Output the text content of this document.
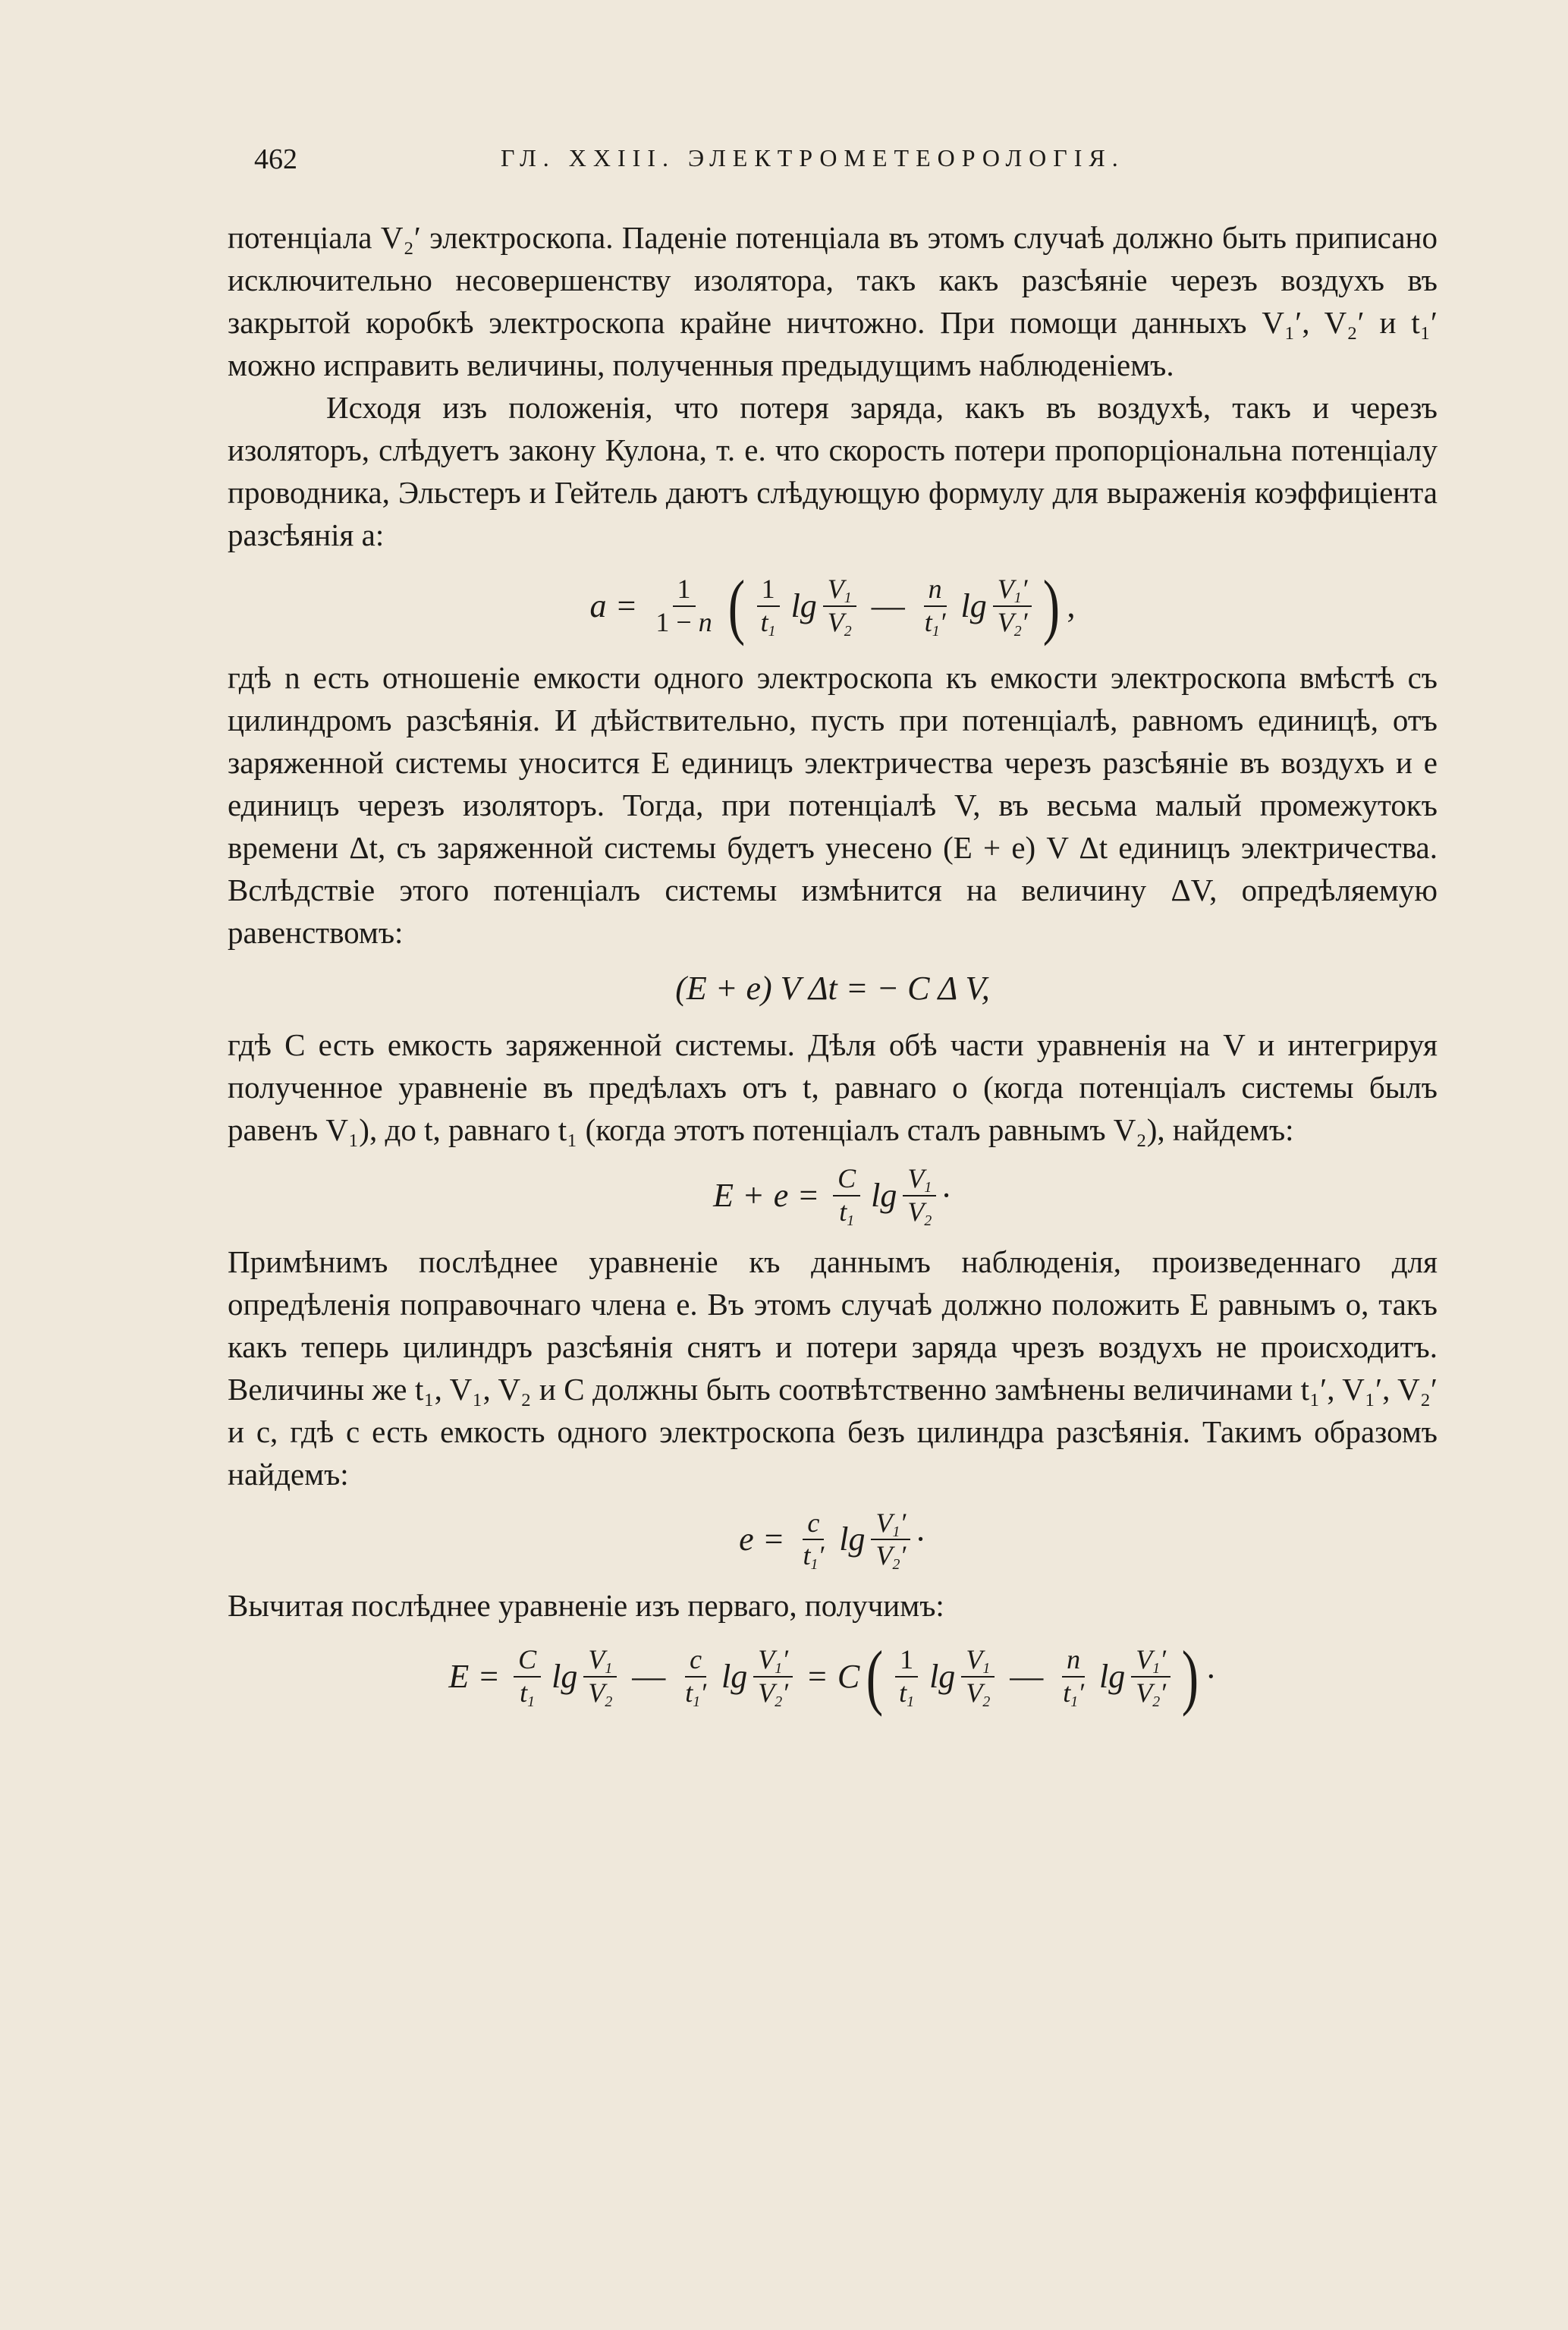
462	ГЛ. XXIII. ЭЛЕКТРОМЕТЕОРОЛОГІЯ.

потенціала V₂′ электроскопа. Паденіе потенціала въ этомъ случаѣ должно быть приписано исключительно несовершенству изолятора, такъ какъ разсѣяніе черезъ воздухъ въ закрытой коробкѣ электроскопа крайне ничтожно. При помощи данныхъ V₁′, V₂′ и t₁′ можно исправить величины, полученныя предыдущимъ наблюденіемъ.

Исходя изъ положенія, что потеря заряда, какъ въ воздухѣ, такъ и черезъ изоляторъ, слѣдуетъ закону Кулона, т. е. что скорость потери пропорціональна потенціалу проводника, Эльстеръ и Гейтель даютъ слѣдующую формулу для выраженія коэффиціента разсѣянія a:

$a = \frac{1}{1 - n}$ ( $\frac{1}{t_1}$ $\lg \frac{V_1}{V_2}$ — $\frac{n}{t_1'}$ $\lg \frac{V_1'}{V_2'}$ ) ,

гдѣ n есть отношеніе емкости одного электроскопа къ емкости электроскопа вмѣстѣ съ цилиндромъ разсѣянія. И дѣйствительно, пусть при потенціалѣ, равномъ единицѣ, отъ заряженной системы уносится E единицъ электричества черезъ разсѣяніе въ воздухъ и e единицъ черезъ изоляторъ. Тогда, при потенціалѣ V, въ весьма малый промежутокъ времени Δt, съ заряженной системы будетъ унесено (E + e) V Δt единицъ электричества. Вслѣдствіе этого потенціалъ системы измѣнится на величину ΔV, опредѣляемую равенствомъ:

(E + e) V Δt = − C Δ V,

гдѣ C есть емкость заряженной системы. Дѣля обѣ части уравненія на V и интегрируя полученное уравненіе въ предѣлахъ отъ t, равнаго o (когда потенціалъ системы былъ равенъ V₁), до t, равнаго t₁ (когда этотъ потенціалъ сталъ равнымъ V₂), найдемъ:

$E + e = \frac{C}{t_1}$ $\lg \frac{V_1}{V_2}$ ·

Примѣнимъ послѣднее уравненіе къ даннымъ наблюденія, произведеннаго для опредѣленія поправочнаго члена e. Въ этомъ случаѣ должно положить E равнымъ o, такъ какъ теперь цилиндръ разсѣянія снятъ и потери заряда чрезъ воздухъ не происходитъ. Величины же t₁, V₁, V₂ и C должны быть соотвѣтственно замѣнены величинами t₁′, V₁′, V₂′ и c, гдѣ c есть емкость одного электроскопа безъ цилиндра разсѣянія. Такимъ образомъ найдемъ:

$e = \frac{c}{t_1'}$ $\lg \frac{V_1'}{V_2'}$ ·

Вычитая послѣднее уравненіе изъ перваго, получимъ:

$E = \frac{C}{t_1}$ $\lg \frac{V_1}{V_2}$ — $\frac{c}{t_1'}$ $\lg \frac{V_1'}{V_2'} = C$ ( $\frac{1}{t_1}$ $\lg \frac{V_1}{V_2}$ — $\frac{n}{t_1'}$ $\lg \frac{V_1'}{V_2'}$ ) ·
